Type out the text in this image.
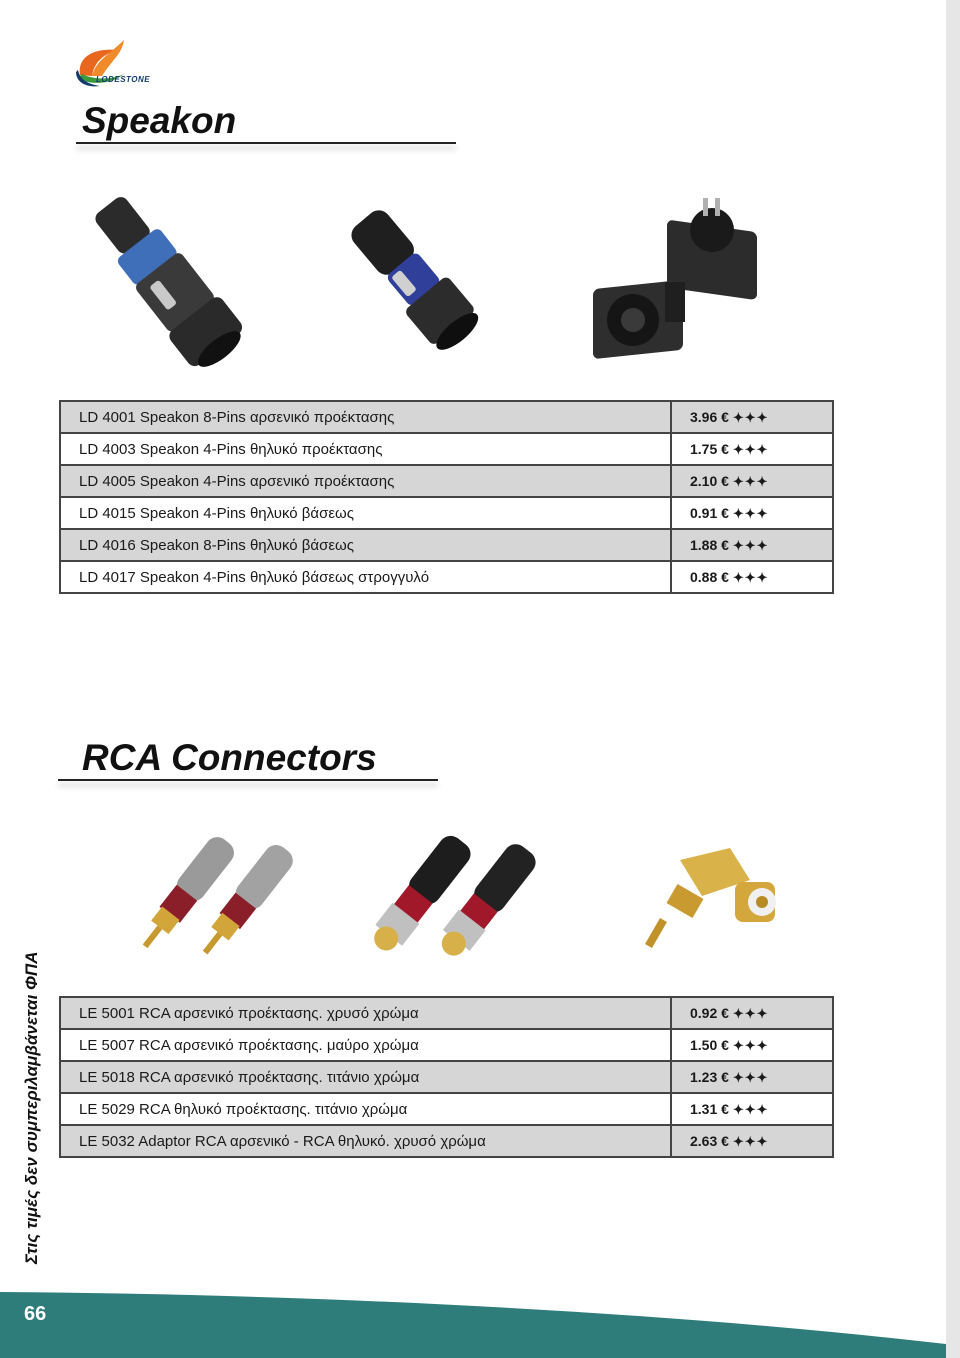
LODESTONE
Speakon
LD 4001 Speakon 8-Pins αρσενικό προέκτασης	3.96 € ✦✦✦
LD 4003 Speakon 4-Pins θηλυκό προέκτασης	1.75 € ✦✦✦
LD 4005 Speakon 4-Pins αρσενικό προέκτασης	2.10 € ✦✦✦
LD 4015 Speakon 4-Pins θηλυκό βάσεως	0.91 € ✦✦✦
LD 4016 Speakon 8-Pins θηλυκό βάσεως	1.88 € ✦✦✦
LD 4017 Speakon 4-Pins θηλυκό βάσεως στρογγυλό	0.88 € ✦✦✦
RCA Connectors
LE 5001 RCA αρσενικό προέκτασης. χρυσό χρώμα	0.92 € ✦✦✦
LE 5007 RCA αρσενικό προέκτασης. μαύρο χρώμα	1.50 € ✦✦✦
LE 5018 RCA αρσενικό προέκτασης. τιτάνιο χρώμα	1.23 € ✦✦✦
LE 5029 RCA θηλυκό προέκτασης. τιτάνιο χρώμα	1.31 € ✦✦✦
LE 5032 Adaptor RCA αρσενικό - RCA θηλυκό. χρυσό χρώμα	2.63 € ✦✦✦
Στις τιμές δεν συμπεριλαμβάνεται ΦΠΑ
66
